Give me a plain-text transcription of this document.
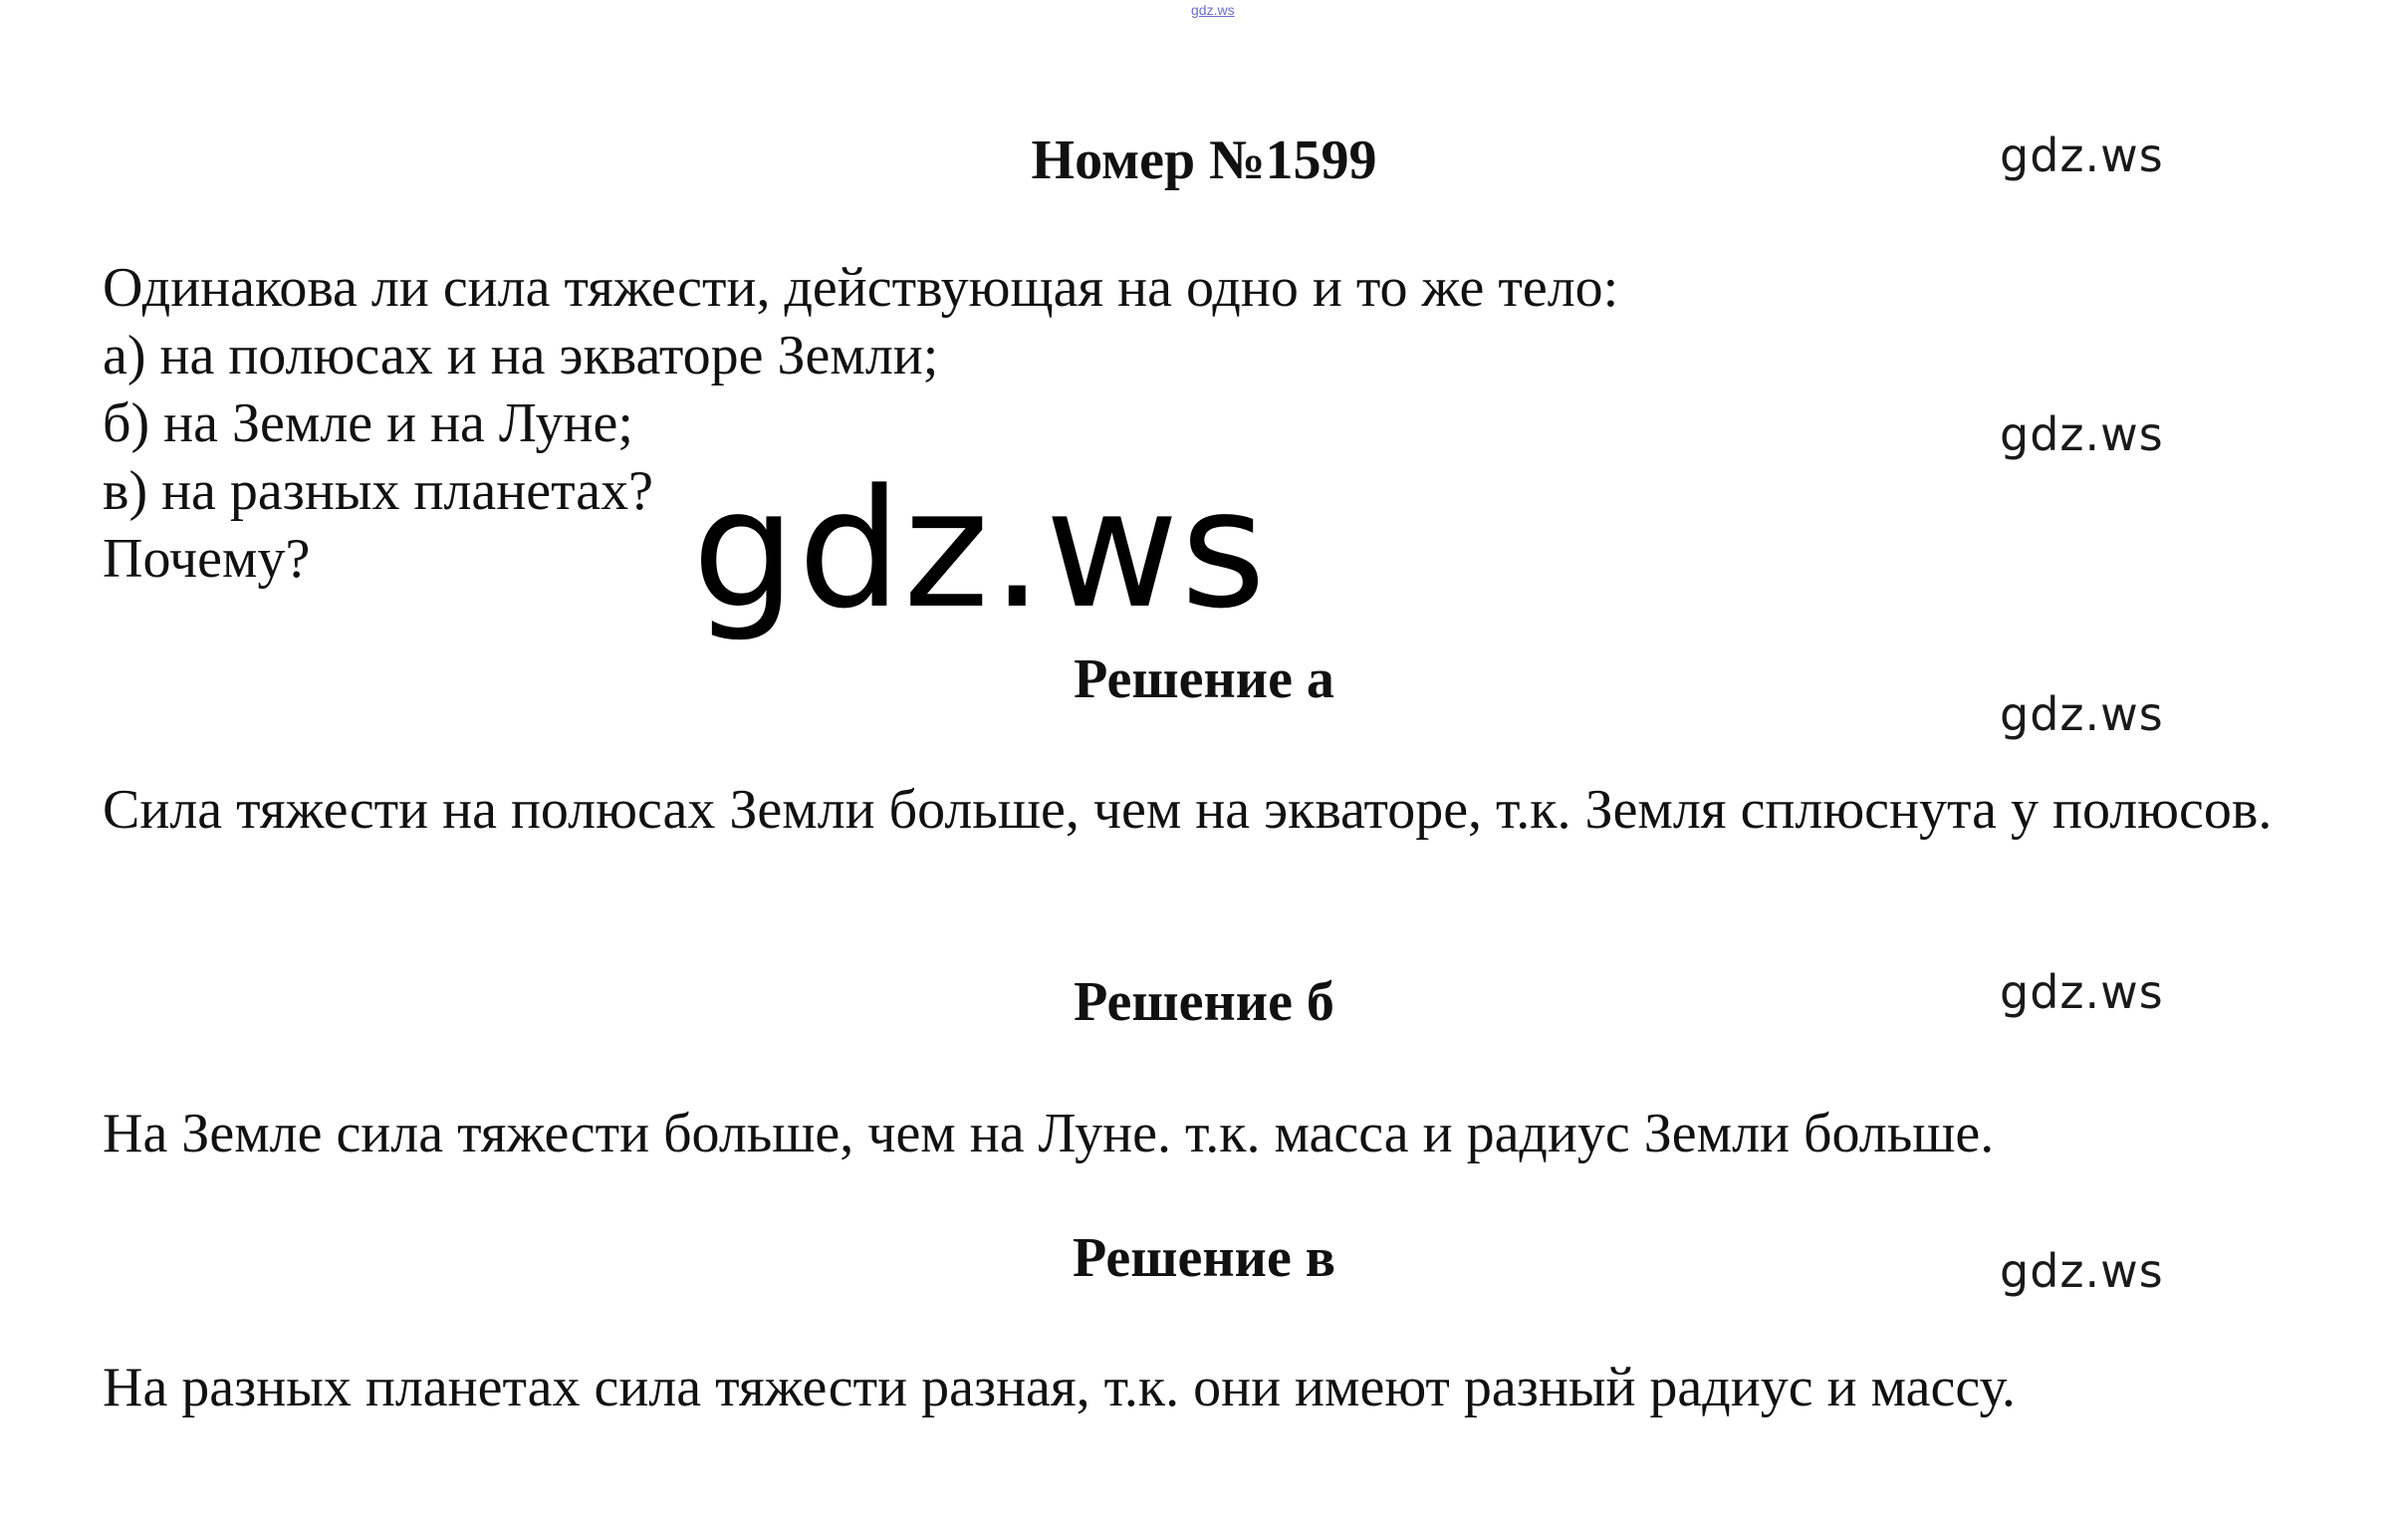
gdz.ws
Номер №1599
Одинакова ли сила тяжести, действующая на одно и то же тело:
а) на полюсах и на экваторе Земли;
б) на Земле и на Луне;
в) на разных планетах?
Почему?	gdz.ws
Решение а

Сила тяжести на полюсах Земли больше, чем на экваторе, т.к. Земля сплюснута у полюсов.

Решение б

На Земле сила тяжести больше, чем на Луне. т.к. масса и радиус Земли больше.

Решение в

На разных планетах сила тяжести разная, т.к. они имеют разный радиус и массу.

gdz.ws
gdz.ws
gdz.ws
gdz.ws
gdz.ws
